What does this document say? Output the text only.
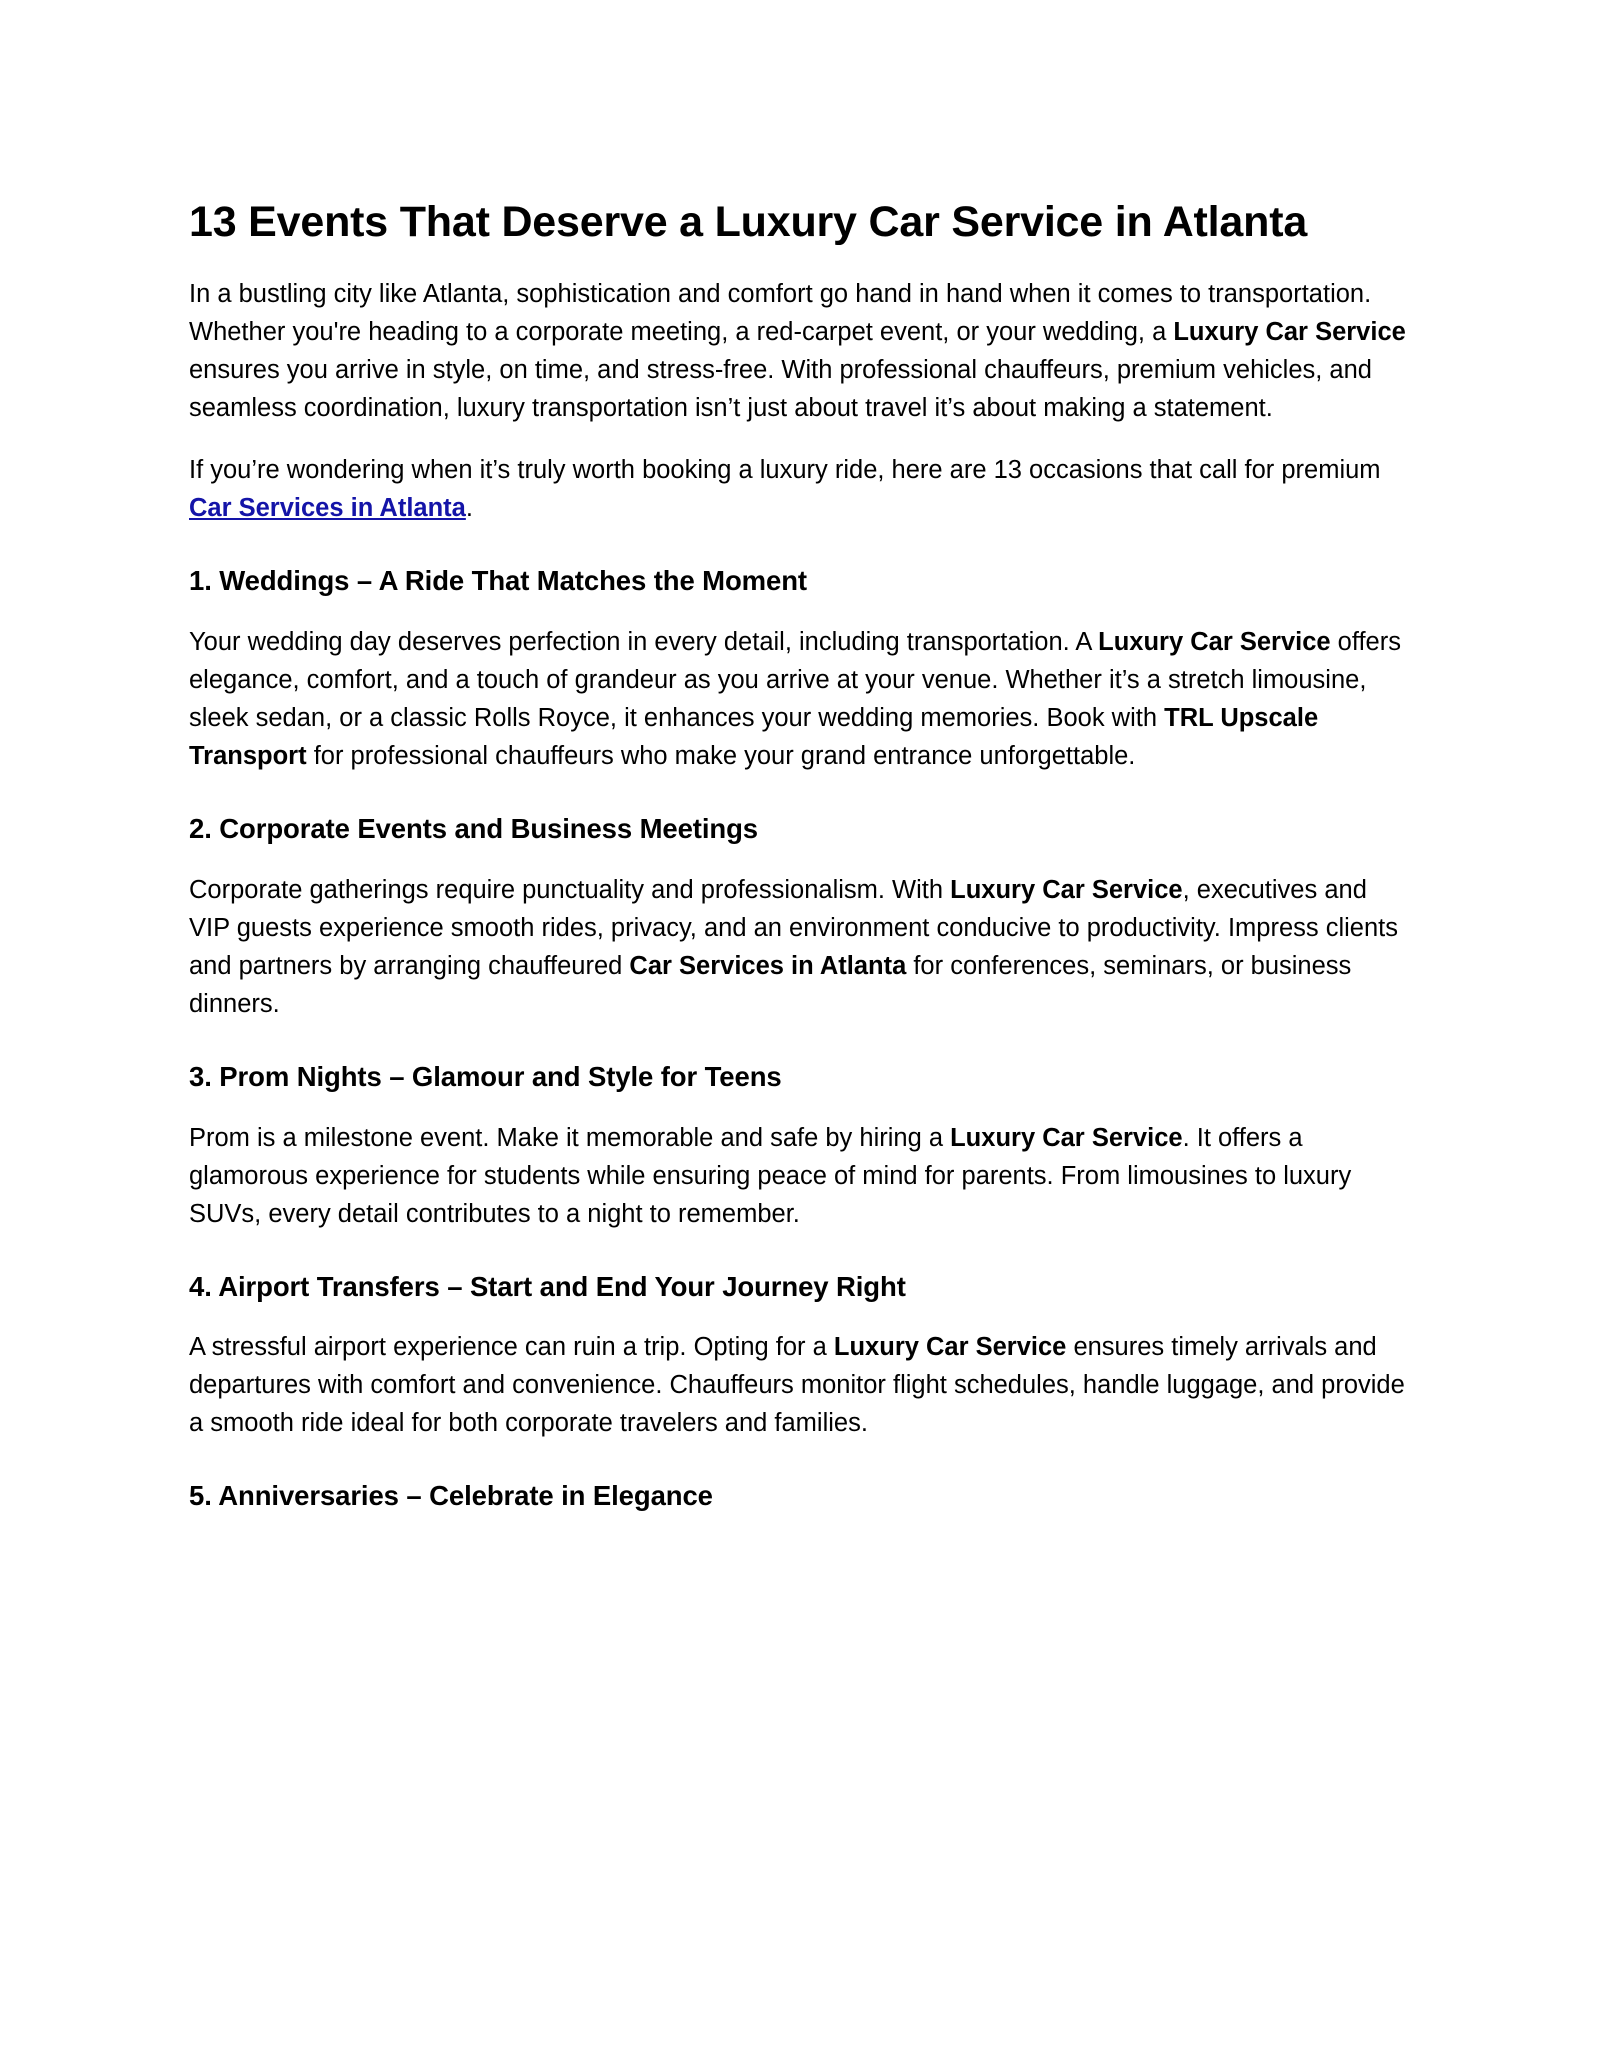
13 Events That Deserve a Luxury Car Service in Atlanta

In a bustling city like Atlanta, sophistication and comfort go hand in hand when it comes to transportation. Whether you're heading to a corporate meeting, a red-carpet event, or your wedding, a Luxury Car Service ensures you arrive in style, on time, and stress-free. With professional chauffeurs, premium vehicles, and seamless coordination, luxury transportation isn’t just about travel it’s about making a statement.

If you’re wondering when it’s truly worth booking a luxury ride, here are 13 occasions that call for premium Car Services in Atlanta.

1. Weddings – A Ride That Matches the Moment

Your wedding day deserves perfection in every detail, including transportation. A Luxury Car Service offers elegance, comfort, and a touch of grandeur as you arrive at your venue. Whether it’s a stretch limousine, sleek sedan, or a classic Rolls Royce, it enhances your wedding memories. Book with TRL Upscale Transport for professional chauffeurs who make your grand entrance unforgettable.

2. Corporate Events and Business Meetings

Corporate gatherings require punctuality and professionalism. With Luxury Car Service, executives and VIP guests experience smooth rides, privacy, and an environment conducive to productivity. Impress clients and partners by arranging chauffeured Car Services in Atlanta for conferences, seminars, or business dinners.

3. Prom Nights – Glamour and Style for Teens

Prom is a milestone event. Make it memorable and safe by hiring a Luxury Car Service. It offers a glamorous experience for students while ensuring peace of mind for parents. From limousines to luxury SUVs, every detail contributes to a night to remember.

4. Airport Transfers – Start and End Your Journey Right

A stressful airport experience can ruin a trip. Opting for a Luxury Car Service ensures timely arrivals and departures with comfort and convenience. Chauffeurs monitor flight schedules, handle luggage, and provide a smooth ride ideal for both corporate travelers and families.

5. Anniversaries – Celebrate in Elegance
